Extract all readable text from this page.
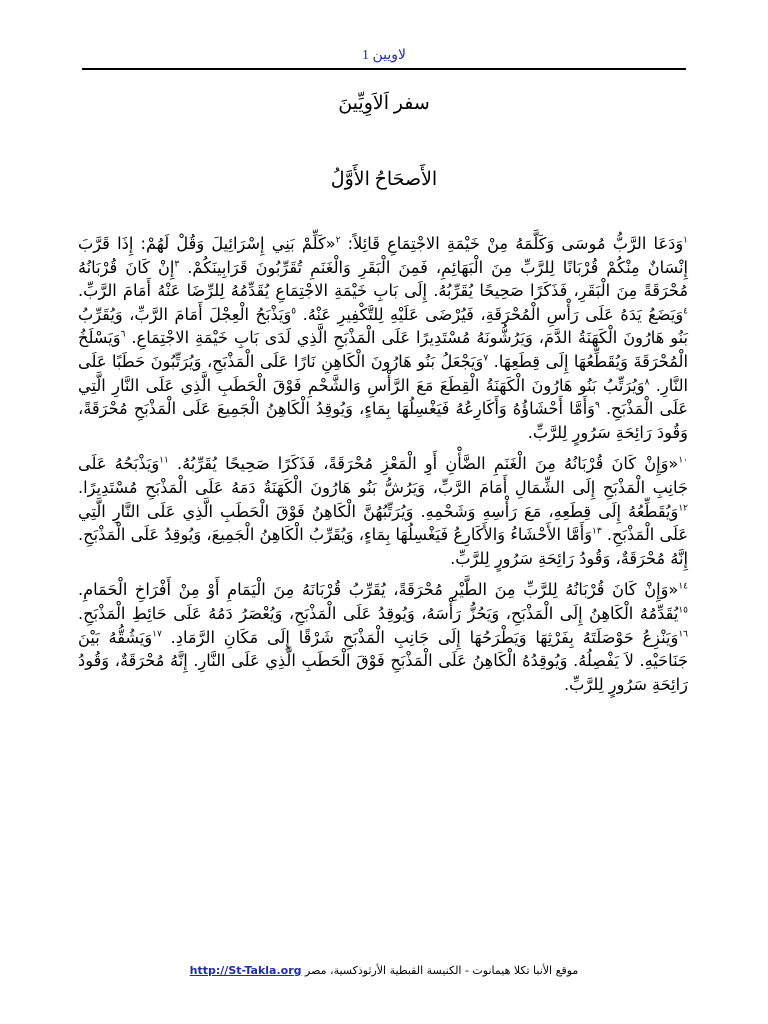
لاويين 1
سفر اَلاَوِيِّينَ
الأَصحَاحُ الأَوَّلُ

$^١$وَدَعَا الرَّبُّ مُوسَى وَكَلَّمَهُ مِنْ خَيْمَةِ الاجْتِمَاعِ قَائِلاً: $^٢$«كَلِّمْ بَنِي إِسْرَائِيلَ وَقُلْ لَهُمْ: إِذَا قَرَّبَ إِنْسَانٌ مِنْكُمْ قُرْبَانًا لِلرَّبِّ مِنَ الْبَهَائِمِ، فَمِنَ الْبَقَرِ وَالْغَنَمِ تُقَرِّبُونَ قَرَابِينَكُمْ. $^٣$إِنْ كَانَ قُرْبَانُهُ مُحْرَقَةً مِنَ الْبَقَرِ، فَذَكَرًا صَحِيحًا يُقَرِّبُهُ. إِلَى بَابِ خَيْمَةِ الاجْتِمَاعِ يُقَدِّمُهُ لِلرِّضَا عَنْهُ أَمَامَ الرَّبِّ. $^٤$وَيَضَعُ يَدَهُ عَلَى رَأْسِ الْمُحْرَقَةِ، فَيُرْضَى عَلَيْهِ لِلتَّكْفِيرِ عَنْهُ. $^٥$وَيَذْبَحُ الْعِجْلَ أَمَامَ الرَّبِّ، وَيُقَرِّبُ بَنُو هَارُونَ الْكَهَنَةُ الدَّمَ، وَيَرُشُّونَهُ مُسْتَدِيرًا عَلَى الْمَذْبَحِ الَّذِي لَدَى بَابِ خَيْمَةِ الاجْتِمَاعِ. $^٦$وَيَسْلَخُ الْمُحْرَقَةَ وَيُقَطِّعُهَا إِلَى قِطَعِهَا. $^٧$وَيَجْعَلُ بَنُو هَارُونَ الْكَاهِنِ نَارًا عَلَى الْمَذْبَحِ، وَيُرَتِّبُونَ حَطَبًا عَلَى النَّارِ. $^٨$وَيُرَتِّبُ بَنُو هَارُونَ الْكَهَنَةُ الْقِطَعَ مَعَ الرَّأْسِ وَالشَّحْمِ فَوْقَ الْحَطَبِ الَّذِي عَلَى النَّارِ الَّتِي عَلَى الْمَذْبَحِ. $^٩$وَأَمَّا أَحْشَاؤُهُ وَأَكَارِعُهُ فَيَغْسِلُهَا بِمَاءٍ، وَيُوقِدُ الْكَاهِنُ الْجَمِيعَ عَلَى الْمَذْبَحِ مُحْرَقَةً، وَقُودَ رَائِحَةِ سَرُورٍ لِلرَّبِّ.

$^{١٠}$«وَإِنْ كَانَ قُرْبَانُهُ مِنَ الْغَنَمِ الضَّأْنِ أَوِ الْمَعْزِ مُحْرَقَةً، فَذَكَرًا صَحِيحًا يُقَرِّبُهُ. $^{١١}$وَيَذْبَحُهُ عَلَى جَانِبِ الْمَذْبَحِ إِلَى الشِّمَالِ أَمَامَ الرَّبِّ، وَيَرُشُّ بَنُو هَارُونَ الْكَهَنَةُ دَمَهُ عَلَى الْمَذْبَحِ مُسْتَدِيرًا. $^{١٢}$وَيُقَطِّعُهُ إِلَى قِطَعِهِ، مَعَ رَأْسِهِ وَشَحْمِهِ. وَيُرَتِّبُهُنَّ الْكَاهِنُ فَوْقَ الْحَطَبِ الَّذِي عَلَى النَّارِ الَّتِي عَلَى الْمَذْبَحِ. $^{١٣}$وَأَمَّا الأَحْشَاءُ وَالأَكَارِعُ فَيَغْسِلُهَا بِمَاءٍ، وَيُقَرِّبُ الْكَاهِنُ الْجَمِيعَ، وَيُوقِدُ عَلَى الْمَذْبَحِ. إِنَّهُ مُحْرَقَةٌ، وَقُودُ رَائِحَةِ سَرُورٍ لِلرَّبِّ.

$^{١٤}$«وَإِنْ كَانَ قُرْبَانُهُ لِلرَّبِّ مِنَ الطَّيْرِ مُحْرَقَةً، يُقَرِّبُ قُرْبَانَهُ مِنَ الْيَمَامِ أَوْ مِنْ أَفْرَاخِ الْحَمَامِ. $^{١٥}$يُقَدِّمُهُ الْكَاهِنُ إِلَى الْمَذْبَحِ، وَيَحُزُّ رَأْسَهُ، وَيُوقِدُ عَلَى الْمَذْبَحِ، وَيُعْصَرُ دَمُهُ عَلَى حَائِطِ الْمَذْبَحِ. $^{١٦}$وَيَنْزِعُ حَوْصَلَتَهُ بِفَرْثِهَا وَيَطْرَحُهَا إِلَى جَانِبِ الْمَذْبَحِ شَرْقًا إِلَى مَكَانِ الرَّمَادِ. $^{١٧}$وَيَشُقُّهُ بَيْنَ جَنَاحَيْهِ. لاَ يَفْصِلُهُ. وَيُوقِدُهُ الْكَاهِنُ عَلَى الْمَذْبَحِ فَوْقَ الْحَطَبِ الَّذِي عَلَى النَّارِ. إِنَّهُ مُحْرَقَةٌ، وَقُودُ رَائِحَةِ سَرُورٍ لِلرَّبِّ.

موقع الأنبا تكلا هيمانوت - الكنيسة القبطية الأرثوذكسية، مصر http://St-Takla.org
